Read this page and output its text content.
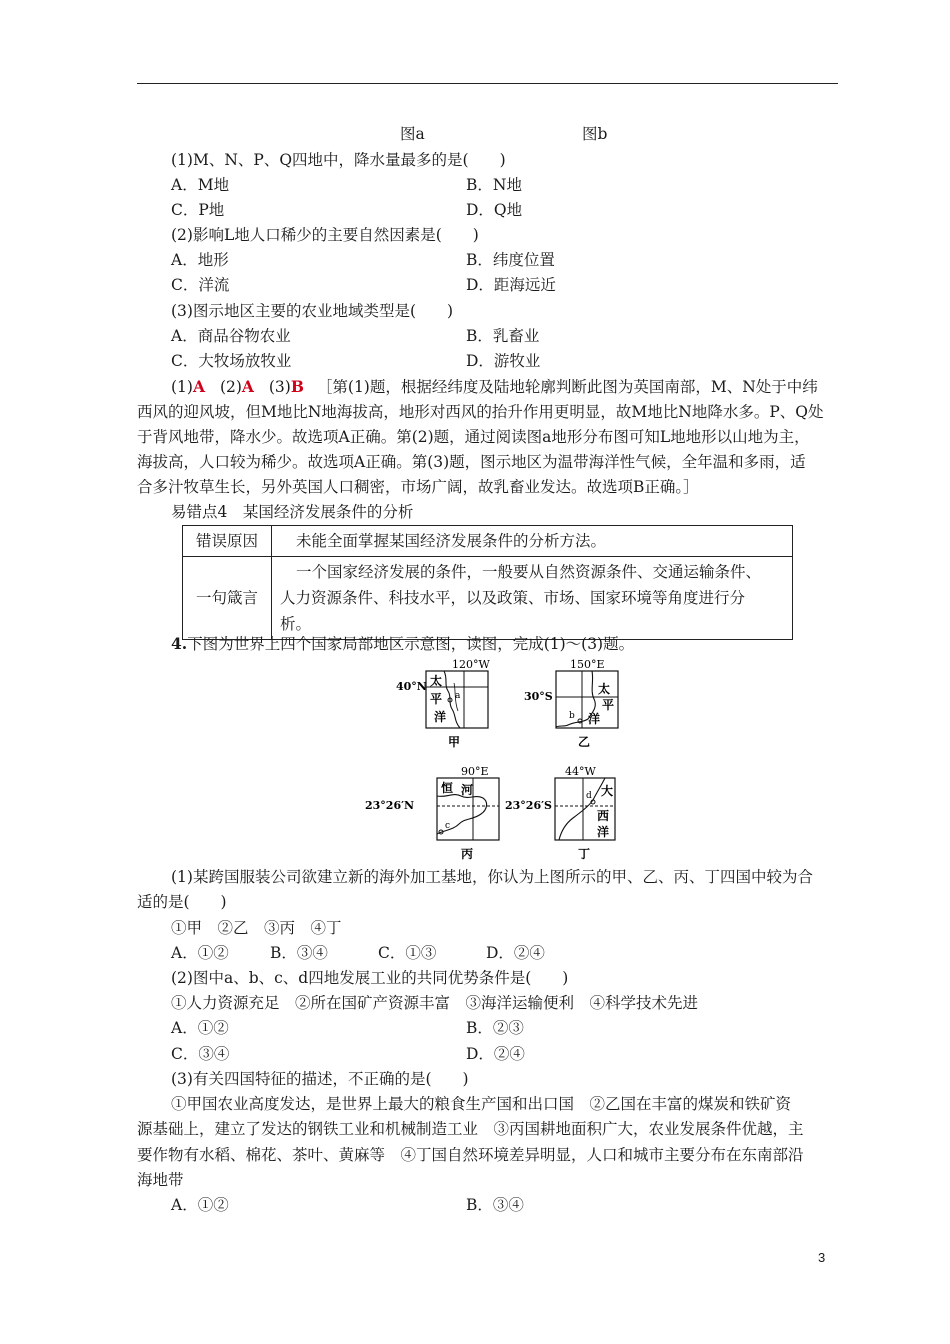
图a	图b
(1)M、N、P、Q四地中，降水量最多的是(　　)
A．M地	B．N地
C．P地	D．Q地
(2)影响L地人口稀少的主要自然因素是(　　)
A．地形	B．纬度位置
C．洋流	D．距海远近
(3)图示地区主要的农业地域类型是(　　)
A．商品谷物农业	B．乳畜业
C．大牧场放牧业	D．游牧业
(1)A (2)A (3)B ［第(1)题，根据经纬度及陆地轮廓判断此图为英国南部，M、N处于中纬
西风的迎风坡，但M地比N地海拔高，地形对西风的抬升作用更明显，故M地比N地降水多。P、Q处
于背风地带，降水少。故选项A正确。第(2)题，通过阅读图a地形分布图可知L地地形以山地为主，
海拔高，人口较为稀少。故选项A正确。第(3)题，图示地区为温带海洋性气候，全年温和多雨，适
合多汁牧草生长，另外英国人口稠密，市场广阔，故乳畜业发达。故选项B正确。］
易错点4　某国经济发展条件的分析
错误原因	未能全面掌握某国经济发展条件的分析方法。
一句箴言	一个国家经济发展的条件，一般要从自然资源条件、交通运输条件、
人力资源条件、科技水平，以及政策、市场、国家环境等角度进行分
析。
4.下图为世界上四个国家局部地区示意图，读图，完成(1)～(3)题。
120°W
40°N
a
太
平
洋
甲
150°E
30°S
b
太
平
洋
乙
90°E
23°26′N
c
恒 河
丙
44°W
23°26′S
d 大
西
洋
丁
(1)某跨国服装公司欲建立新的海外加工基地，你认为上图所示的甲、乙、丙、丁四国中较为合
适的是(　　)
①甲　②乙　③丙　④丁
A．①②	B．③④	C．①③	D．②④
(2)图中a、b、c、d四地发展工业的共同优势条件是(　　)
①人力资源充足　②所在国矿产资源丰富　③海洋运输便利　④科学技术先进
A．①②	B．②③
C．③④	D．②④
(3)有关四国特征的描述，不正确的是(　　)
①甲国农业高度发达，是世界上最大的粮食生产国和出口国　②乙国在丰富的煤炭和铁矿资
源基础上，建立了发达的钢铁工业和机械制造工业　③丙国耕地面积广大，农业发展条件优越，主
要作物有水稻、棉花、茶叶、黄麻等　④丁国自然环境差异明显，人口和城市主要分布在东南部沿
海地带
A．①②	B．③④
3
